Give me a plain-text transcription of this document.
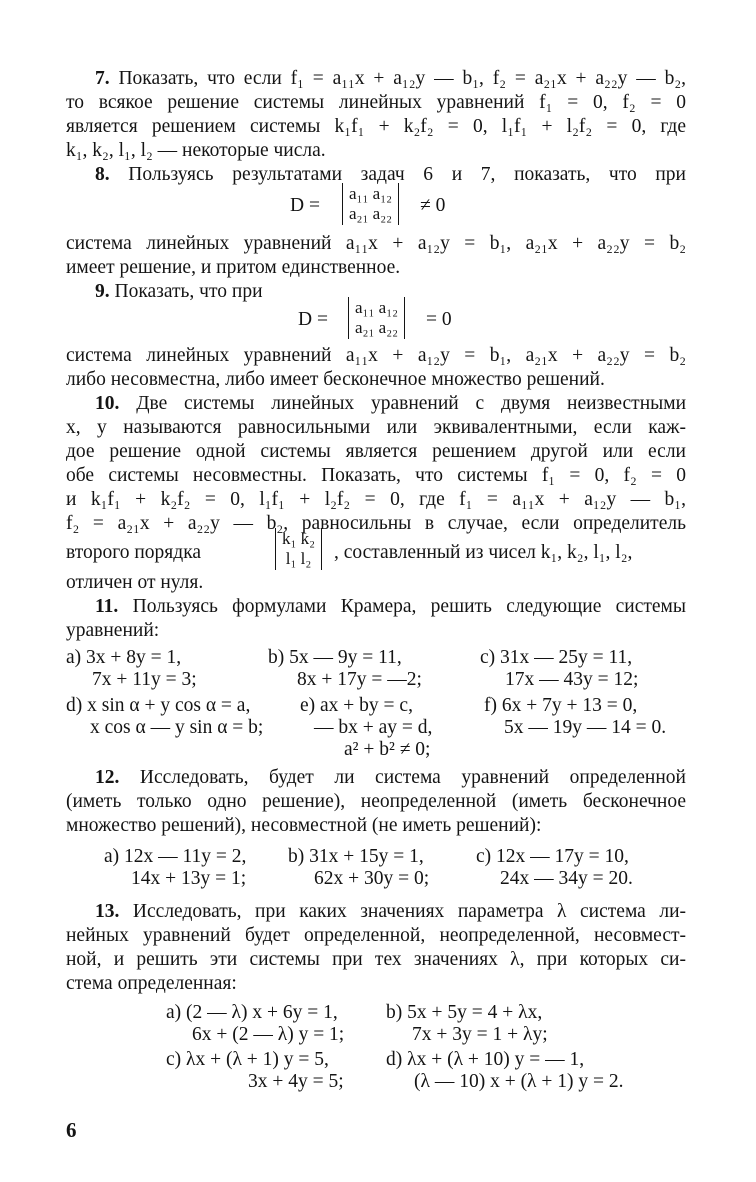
7. Показать, что если f₁ = a₁₁x + a₁₂y — b₁, f₂ = a₂₁x + a₂₂y — b₂,
то всякое решение системы линейных уравнений f₁ = 0, f₂ = 0
является решением системы k₁f₁ + k₂f₂ = 0, l₁f₁ + l₂f₂ = 0, где
k₁, k₂, l₁, l₂ — некоторые числа.
8. Пользуясь результатами задач 6 и 7, показать, что при
D =
a₁₁ a₁₂
a₂₁ a₂₂ ≠ 0
система линейных уравнений a₁₁x + a₁₂y = b₁, a₂₁x + a₂₂y = b₂
имеет решение, и притом единственное.
9. Показать, что при
D =
a₁₁ a₁₂
a₂₁ a₂₂ = 0
система линейных уравнений a₁₁x + a₁₂y = b₁, a₂₁x + a₂₂y = b₂
либо несовместна, либо имеет бесконечное множество решений.
10. Две системы линейных уравнений с двумя неизвестными
x, y называются равносильными или эквивалентными, если каж-
дое решение одной системы является решением другой или если
обе системы несовместны. Показать, что системы f₁ = 0, f₂ = 0
и k₁f₁ + k₂f₂ = 0, l₁f₁ + l₂f₂ = 0, где f₁ = a₁₁x + a₁₂y — b₁,
f₂ = a₂₁x + a₂₂y — b₂, равносильны в случае, если определитель
второго порядка
k₁ k₂
l₁ l₂ , составленный из чисел k₁, k₂, l₁, l₂,
отличен от нуля.
11. Пользуясь формулами Крамера, решить следующие системы
уравнений:
a) 3x + 8y = 1,
7x + 11y = 3;
b) 5x — 9y = 11,
8x + 17y = —2;
c) 31x — 25y = 11,
17x — 43y = 12;
d) x sin α + y cos α = a,
x cos α — y sin α = b;
e) ax + by = c,
— bx + ay = d,
a² + b² ≠ 0;
f) 6x + 7y + 13 = 0,
5x — 19y — 14 = 0.
12. Исследовать, будет ли система уравнений определенной
(иметь только одно решение), неопределенной (иметь бесконечное
множество решений), несовместной (не иметь решений):
a) 12x — 11y = 2,
14x + 13y = 1;
b) 31x + 15y = 1,
62x + 30y = 0;
c) 12x — 17y = 10,
24x — 34y = 20.
13. Исследовать, при каких значениях параметра λ система ли-
нейных уравнений будет определенной, неопределенной, несовмест-
ной, и решить эти системы при тех значениях λ, при которых си-
стема определенная:
a) (2 — λ) x + 6y = 1,
6x + (2 — λ) y = 1;
b) 5x + 5y = 4 + λx,
7x + 3y = 1 + λy;
c) λx + (λ + 1) y = 5,
3x + 4y = 5;
d) λx + (λ + 10) y = — 1,
(λ — 10) x + (λ + 1) y = 2.
6
